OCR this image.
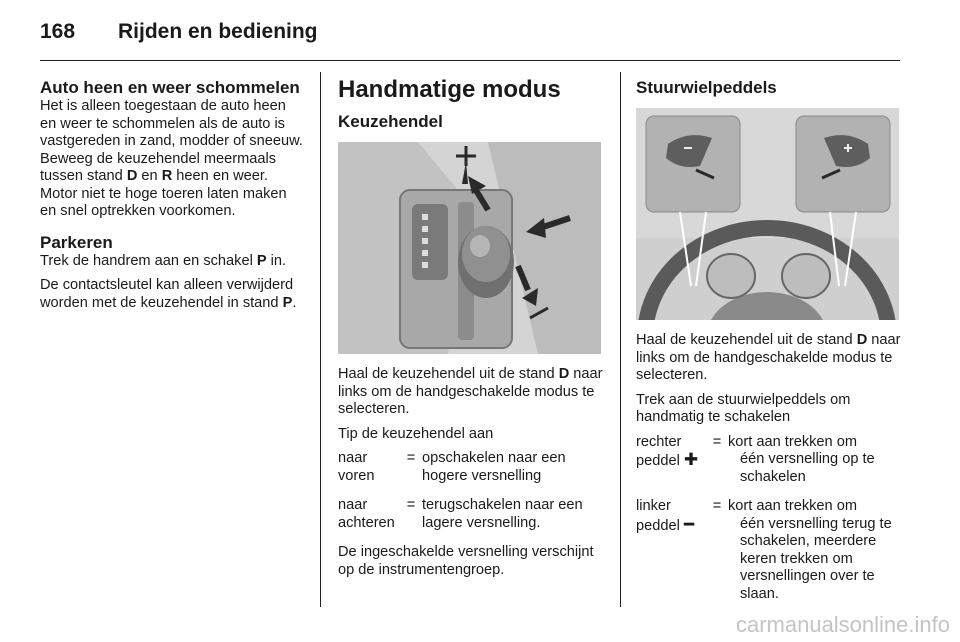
168 Rijden en bediening
Auto heen en weer schommelen

Het is alleen toegestaan de auto heen en weer te schommelen als de auto is vastgereden in zand, modder of sneeuw. Beweeg de keuzehendel meermaals tussen stand D en R heen en weer. Motor niet te hoge toeren laten maken en snel optrekken voorkomen.

Parkeren

Trek de handrem aan en schakel P in.

De contactsleutel kan alleen verwijderd worden met de keuzehendel in stand P.

Handmatige modus
Keuzehendel

Haal de keuzehendel uit de stand D naar links om de handgeschakelde modus te selecteren.

Tip de keuzehendel aan

naar voren
= opschakelen naar een hogere versnelling
naar achteren
= terugschakelen naar een lagere versnelling.

De ingeschakelde versnelling verschijnt op de instrumentengroep.

Stuurwielpeddels

Haal de keuzehendel uit de stand D naar links om de handgeschakelde modus te selecteren.

Trek aan de stuurwielpeddels om handmatig te schakelen

rechter
peddel ✚
= kort aan trekken om
één versnelling op te schakelen
linker
peddel ━
= kort aan trekken om
één versnelling terug te schakelen, meerdere keren trekken om versnellingen over te slaan.
carmanualsonline.info
